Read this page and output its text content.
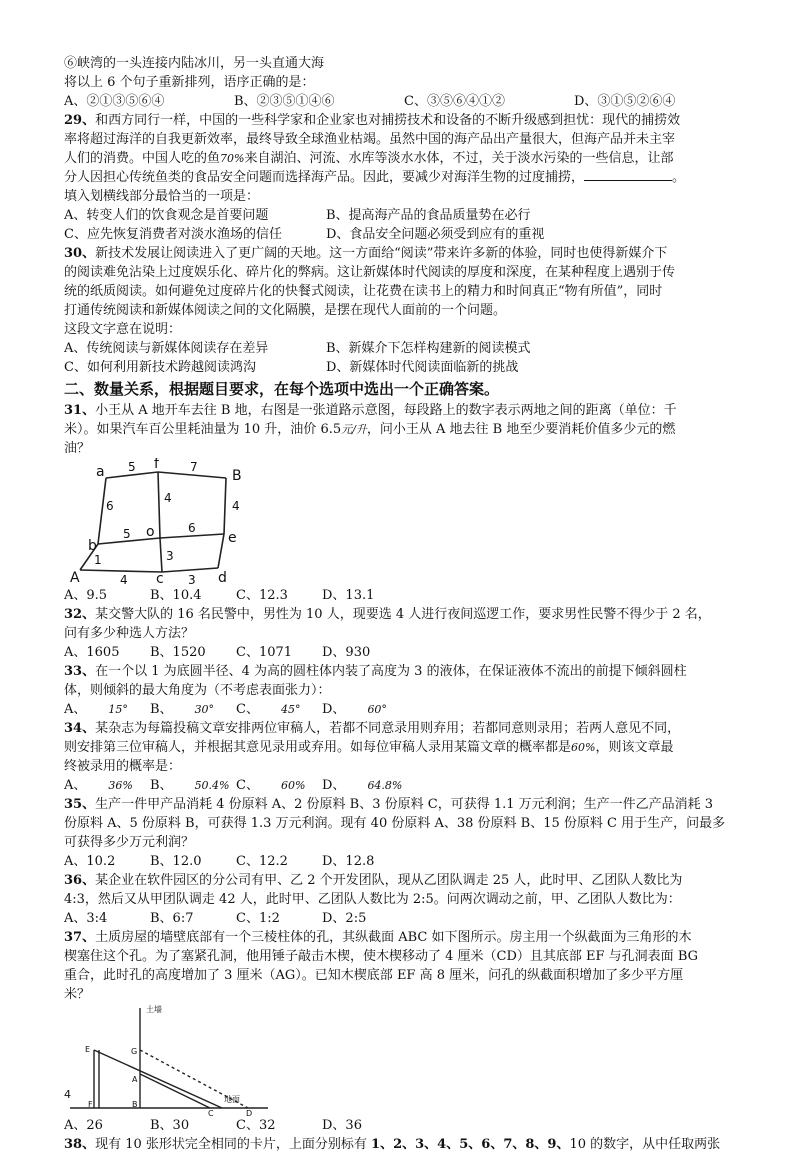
⑥峡湾的一头连接内陆冰川，另一头直通大海
将以上 6 个句子重新排列，语序正确的是：
A、②①③⑤⑥④	B、②③⑤①④⑥	C、③⑤⑥④①②	D、③①⑤②⑥④
29、和西方同行一样，中国的一些科学家和企业家也对捕捞技术和设备的不断升级感到担忧：现代的捕捞效
率将超过海洋的自我更新效率，最终导致全球渔业枯竭。虽然中国的海产品出产量很大，但海产品并未主宰
人们的消费。中国人吃的鱼70%来自湖泊、河流、水库等淡水水体，不过，关于淡水污染的一些信息，让部
分人因担心传统鱼类的食品安全问题而选择海产品。因此，要减少对海洋生物的过度捕捞，	。
填入划横线部分最恰当的一项是：
A、转变人们的饮食观念是首要问题	B、提高海产品的食品质量势在必行
C、应先恢复消费者对淡水渔场的信任	D、食品安全问题必须受到应有的重视
30、新技术发展让阅读进入了更广阔的天地。这一方面给“阅读”带来许多新的体验，同时也使得新媒介下
的阅读难免沾染上过度娱乐化、碎片化的弊病。这让新媒体时代阅读的厚度和深度，在某种程度上遇别于传
统的纸质阅读。如何避免过度碎片化的快餐式阅读，让花费在读书上的精力和时间真正“物有所值”，同时
打通传统阅读和新媒体阅读之间的文化隔膜，是摆在现代人面前的一个问题。
这段文字意在说明：
A、传统阅读与新媒体阅读存在差异	B、新媒介下怎样构建新的阅读模式
C、如何利用新技术跨越阅读鸿沟	D、新媒体时代阅读面临新的挑战
二、数量关系，根据题目要求，在每个选项中选出一个正确答案。
31、小王从 A 地开车去往 B 地，右图是一张道路示意图，每段路上的数字表示两地之间的距离（单位：千
米）。如果汽车百公里耗油量为 10 升，油价 6.5元/升，问小王从 A 地去往 B 地至少要消耗价值多少元的燃
油？
a	f
B
b
o	e
A	c	d
5	7
6
4
4
5	6
3
1
4	3
A、9.5	B、10.4	C、12.3	D、13.1
32、某交警大队的 16 名民警中，男性为 10 人，现要选 4 人进行夜间巡逻工作，要求男性民警不得少于 2 名，
问有多少种选人方法？
A、1605	B、1520	C、1071	D、930
33、在一个以 1 为底圆半径、4 为高的圆柱体内装了高度为 3 的液体，在保证液体不流出的前提下倾斜圆柱
体，则倾斜的最大角度为（不考虑表面张力）：
A、 15° B、 30° C、 45° D、 60°
34、某杂志为每篇投稿文章安排两位审稿人，若都不同意录用则弃用；若都同意则录用；若两人意见不同，
则安排第三位审稿人，并根据其意见录用或弃用。如每位审稿人录用某篇文章的概率都是60%，则该文章最
终被录用的概率是：
A、 36% B、 50.4% C、 60% D、 64.8%
35、生产一件甲产品消耗 4 份原料 A、2 份原料 B、3 份原料 C，可获得 1.1 万元利润；生产一件乙产品消耗 3
份原料 A、5 份原料 B，可获得 1.3 万元利润。现有 40 份原料 A、38 份原料 B、15 份原料 C 用于生产，问最多
可获得多少万元利润？
A、10.2	B、12.0	C、12.2	D、12.8
36、某企业在软件园区的分公司有甲、乙 2 个开发团队，现从乙团队调走 25 人，此时甲、乙团队人数比为
4:3，然后又从甲团队调走 42 人，此时甲、乙团队人数比为 2:5。问两次调动之前，甲、乙团队人数比为：
A、3:4	B、6:7	C、1:2	D、2:5
37、土质房屋的墙壁底部有一个三棱柱体的孔，其纵截面 ABC 如下图所示。房主用一个纵截面为三角形的木
楔塞住这个孔。为了塞紧孔洞，他用锤子敲击木楔，使木楔移动了 4 厘米（CD）且其底部 EF 与孔洞表面 BG
重合，此时孔的高度增加了 3 厘米（AG）。已知木楔底部 EF 高 8 厘米，问孔的纵截面积增加了多少平方厘
米？
土墙
地面
E	G
A
F	B
C	D
A、26	B、30	C、32	D、36
38、现有 10 张形状完全相同的卡片，上面分别标有 1、2、3、4、5、6、7、8、9、10 的数字，从中任取两张
4
